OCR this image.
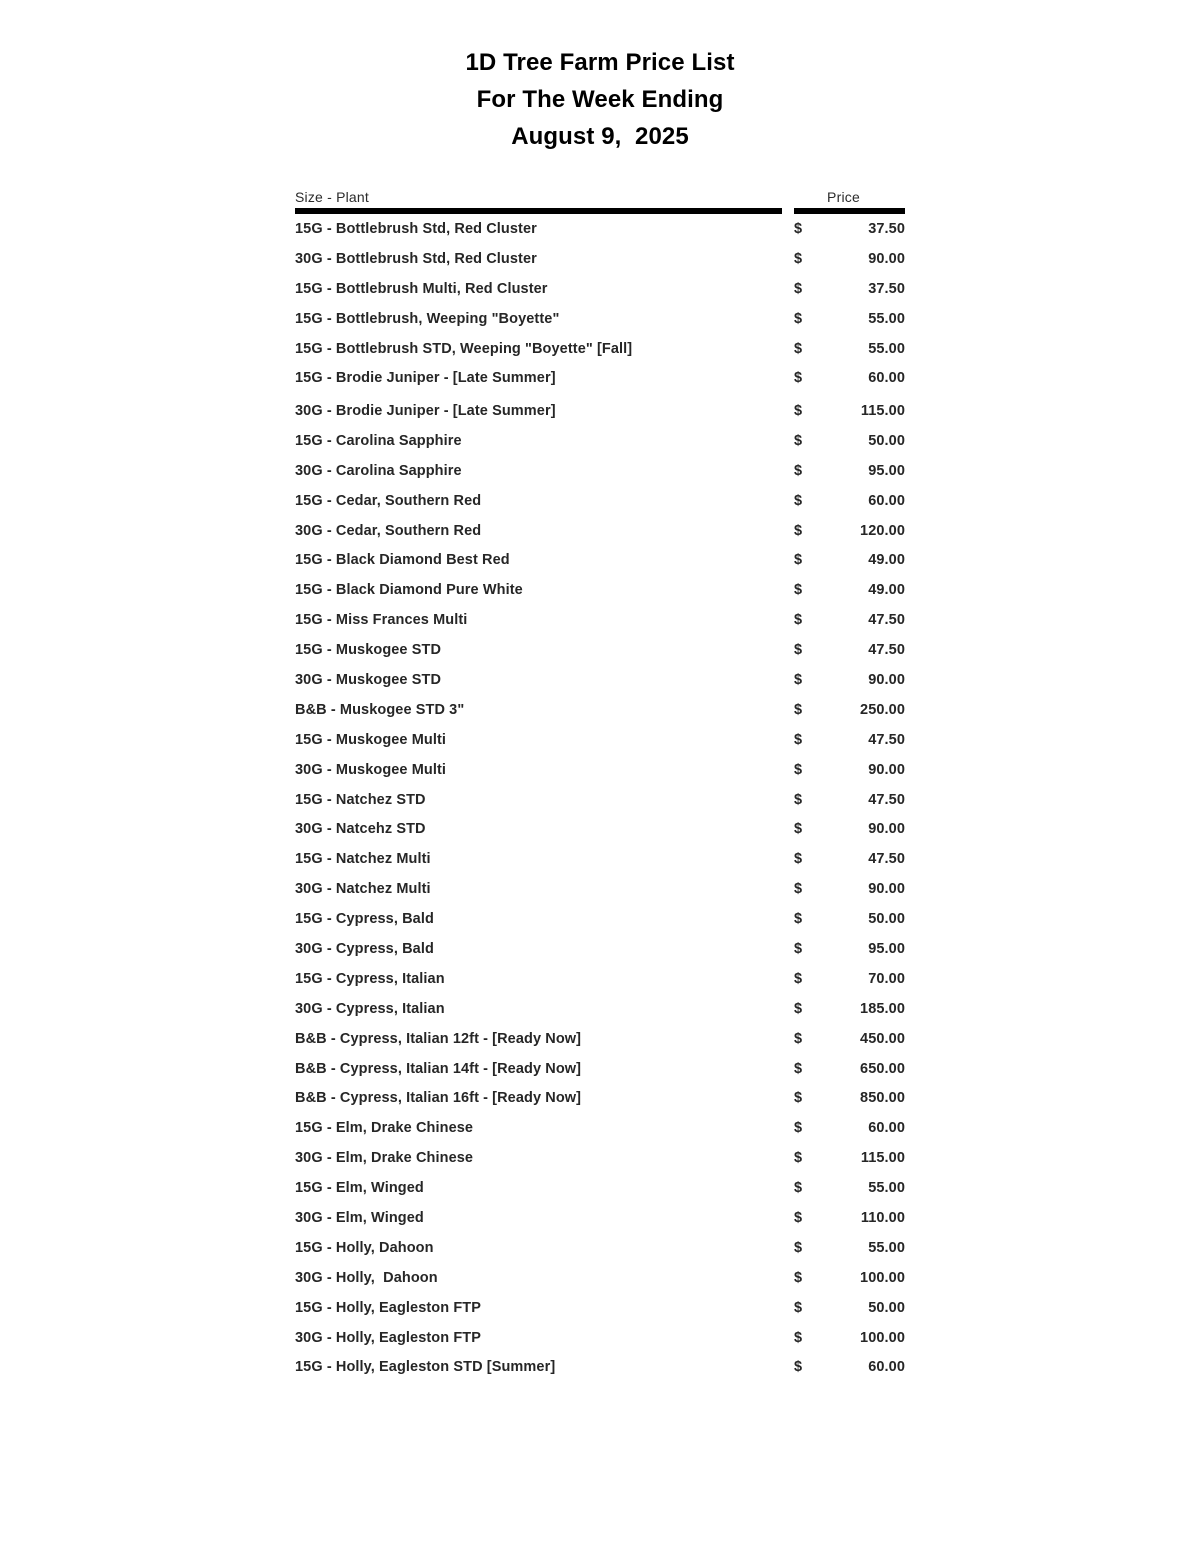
1D Tree Farm Price List
For The Week Ending
August 9,  2025
Size - Plant	Price
15G - Bottlebrush Std, Red Cluster	$	37.50
30G - Bottlebrush Std, Red Cluster	$	90.00
15G - Bottlebrush Multi, Red Cluster	$	37.50
15G - Bottlebrush, Weeping "Boyette"	$	55.00
15G - Bottlebrush STD, Weeping "Boyette" [Fall]	$	55.00
15G - Brodie Juniper - [Late Summer]	$	60.00
30G - Brodie Juniper - [Late Summer]	$	115.00
15G - Carolina Sapphire	$	50.00
30G - Carolina Sapphire	$	95.00
15G - Cedar, Southern Red	$	60.00
30G - Cedar, Southern Red	$	120.00
15G - Black Diamond Best Red	$	49.00
15G - Black Diamond Pure White	$	49.00
15G - Miss Frances Multi	$	47.50
15G - Muskogee STD	$	47.50
30G - Muskogee STD	$	90.00
B&B - Muskogee STD 3"	$	250.00
15G - Muskogee Multi	$	47.50
30G - Muskogee Multi	$	90.00
15G - Natchez STD	$	47.50
30G - Natcehz STD	$	90.00
15G - Natchez Multi	$	47.50
30G - Natchez Multi	$	90.00
15G - Cypress, Bald	$	50.00
30G - Cypress, Bald	$	95.00
15G - Cypress, Italian	$	70.00
30G - Cypress, Italian	$	185.00
B&B - Cypress, Italian 12ft - [Ready Now]	$	450.00
B&B - Cypress, Italian 14ft - [Ready Now]	$	650.00
B&B - Cypress, Italian 16ft - [Ready Now]	$	850.00
15G - Elm, Drake Chinese	$	60.00
30G - Elm, Drake Chinese	$	115.00
15G - Elm, Winged	$	55.00
30G - Elm, Winged	$	110.00
15G - Holly, Dahoon	$	55.00
30G - Holly,  Dahoon	$	100.00
15G - Holly, Eagleston FTP	$	50.00
30G - Holly, Eagleston FTP	$	100.00
15G - Holly, Eagleston STD [Summer]	$	60.00
